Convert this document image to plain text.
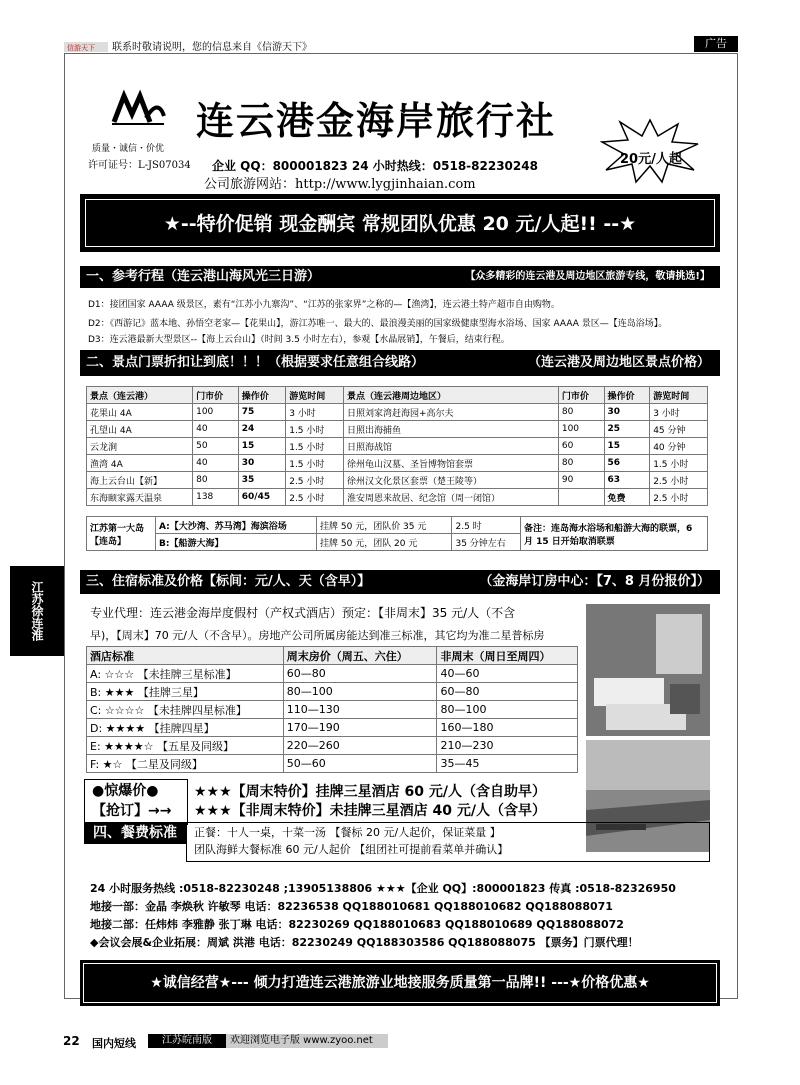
信游天下 联系时敬请说明，您的信息来自《信游天下》	广告
质量・诚信・价优
许可证号：L-JS07034
连云港金海岸旅行社
20元/人起
企业 QQ：800001823 24 小时热线：0518-82230248
公司旅游网站：http://www.lygjinhaian.com
★--特价促销 现金酬宾 常规团队优惠 20 元/人起!! --★
一、参考行程（连云港山海风光三日游）	【众多精彩的连云港及周边地区旅游专线，敬请挑选!】
D1：接团国家 AAAA 级景区，素有“江苏小九寨沟”、“江苏的张家界”之称的—【渔湾】，连云港土特产超市自由购物。
D2：《西游记》蓝本地、孙悟空老家—【花果山】，游江苏唯一、最大的、最浪漫美丽的国家级健康型海水浴场、国家 AAAA 景区—【连岛浴场】。
D3：连云港最新大型景区--【海上云台山】（时间 3.5 小时左右），参观【水晶展销】，午餐后，结束行程。
二、景点门票折扣让到底！！！（根据要求任意组合线路）	（连云港及周边地区景点价格）
景点（连云港）	门市价	操作价	游览时间	景点（连云港周边地区）	门市价	操作价	游览时间
花果山 4A	100	75	3 小时	日照刘家湾赶海园+高尔夫	80	30	3 小时
孔望山 4A	40	24	1.5 小时	日照出海捕鱼	100	25	45 分钟
云龙涧	50	15	1.5 小时	日照海战馆	60	15	40 分钟
渔湾 4A	40	30	1.5 小时	徐州龟山汉墓、圣旨博物馆套票	80	56	1.5 小时
海上云台山【新】	80	35	2.5 小时	徐州汉文化景区套票（楚王陵等）	90	63	2.5 小时
东海颐家露天温泉	138	60/45	2.5 小时	淮安周恩来故居、纪念馆（周一闭馆）		免费	2.5 小时
江苏第一大岛【连岛】	A:【大沙湾、苏马湾】海滨浴场	挂牌 50 元，团队价 35 元	2.5 时	备注：连岛海水浴场和船游大海的联票，6 月 15 日开始取消联票
	B:【船游大海】	挂牌 50 元，团队 20 元	35 分钟左右	
三、住宿标准及价格【标间：元/人、天（含早）】	（金海岸订房中心：【7、8 月份报价】）
专业代理：连云港金海岸度假村（产权式酒店）预定：【非周末】35 元/人（不含
早)，【周末】70 元/人（不含早）。房地产公司所属房能达到准三标准，其它均为准二星普标房
酒店标准	周末房价（周五、六住）	非周末（周日至周四）
A: ☆☆☆ 【未挂牌三星标准】	60—80	40—60
B: ★★★ 【挂牌三星】	80—100	60—80
C: ☆☆☆☆ 【未挂牌四星标准】	110—130	80—100
D: ★★★★ 【挂牌四星】	170—190	160—180
E: ★★★★☆ 【五星及同级】	220—260	210—230
F: ★☆ 【二星及同级】	50—60	35—45
●惊爆价●
【抢订】→→
★★★【周末特价】挂牌三星酒店 60 元/人（含自助早）
★★★【非周末特价】未挂牌三星酒店 40 元/人（含早）
四、餐费标准	正餐：十人一桌，十菜一汤 【餐标 20 元/人起价，保证菜量 】
团队海鲜大餐标准 60 元/人起价 【组团社可提前看菜单并确认】
24 小时服务热线 :0518-82230248 ;13905138806 ★★★【企业 QQ】:800001823 传真 :0518-82326950
地接一部：金晶 李焕秋 许敏琴 电话：82236538 QQ188010681 QQ188010682 QQ188088071
地接二部：任炜炜 李雅静 张丁琳 电话：82230269 QQ188010683 QQ188010689 QQ188088072
◆会议会展&企业拓展：周斌 洪港 电话：82230249 QQ188303586 QQ188088075 【票务】门票代理！
★诚信经营★--- 倾力打造连云港旅游业地接服务质量第一品牌!! ---★价格优惠★
22 国内短线	江苏皖南版	欢迎浏览电子版 www.zyoo.net
江苏徐连淮
